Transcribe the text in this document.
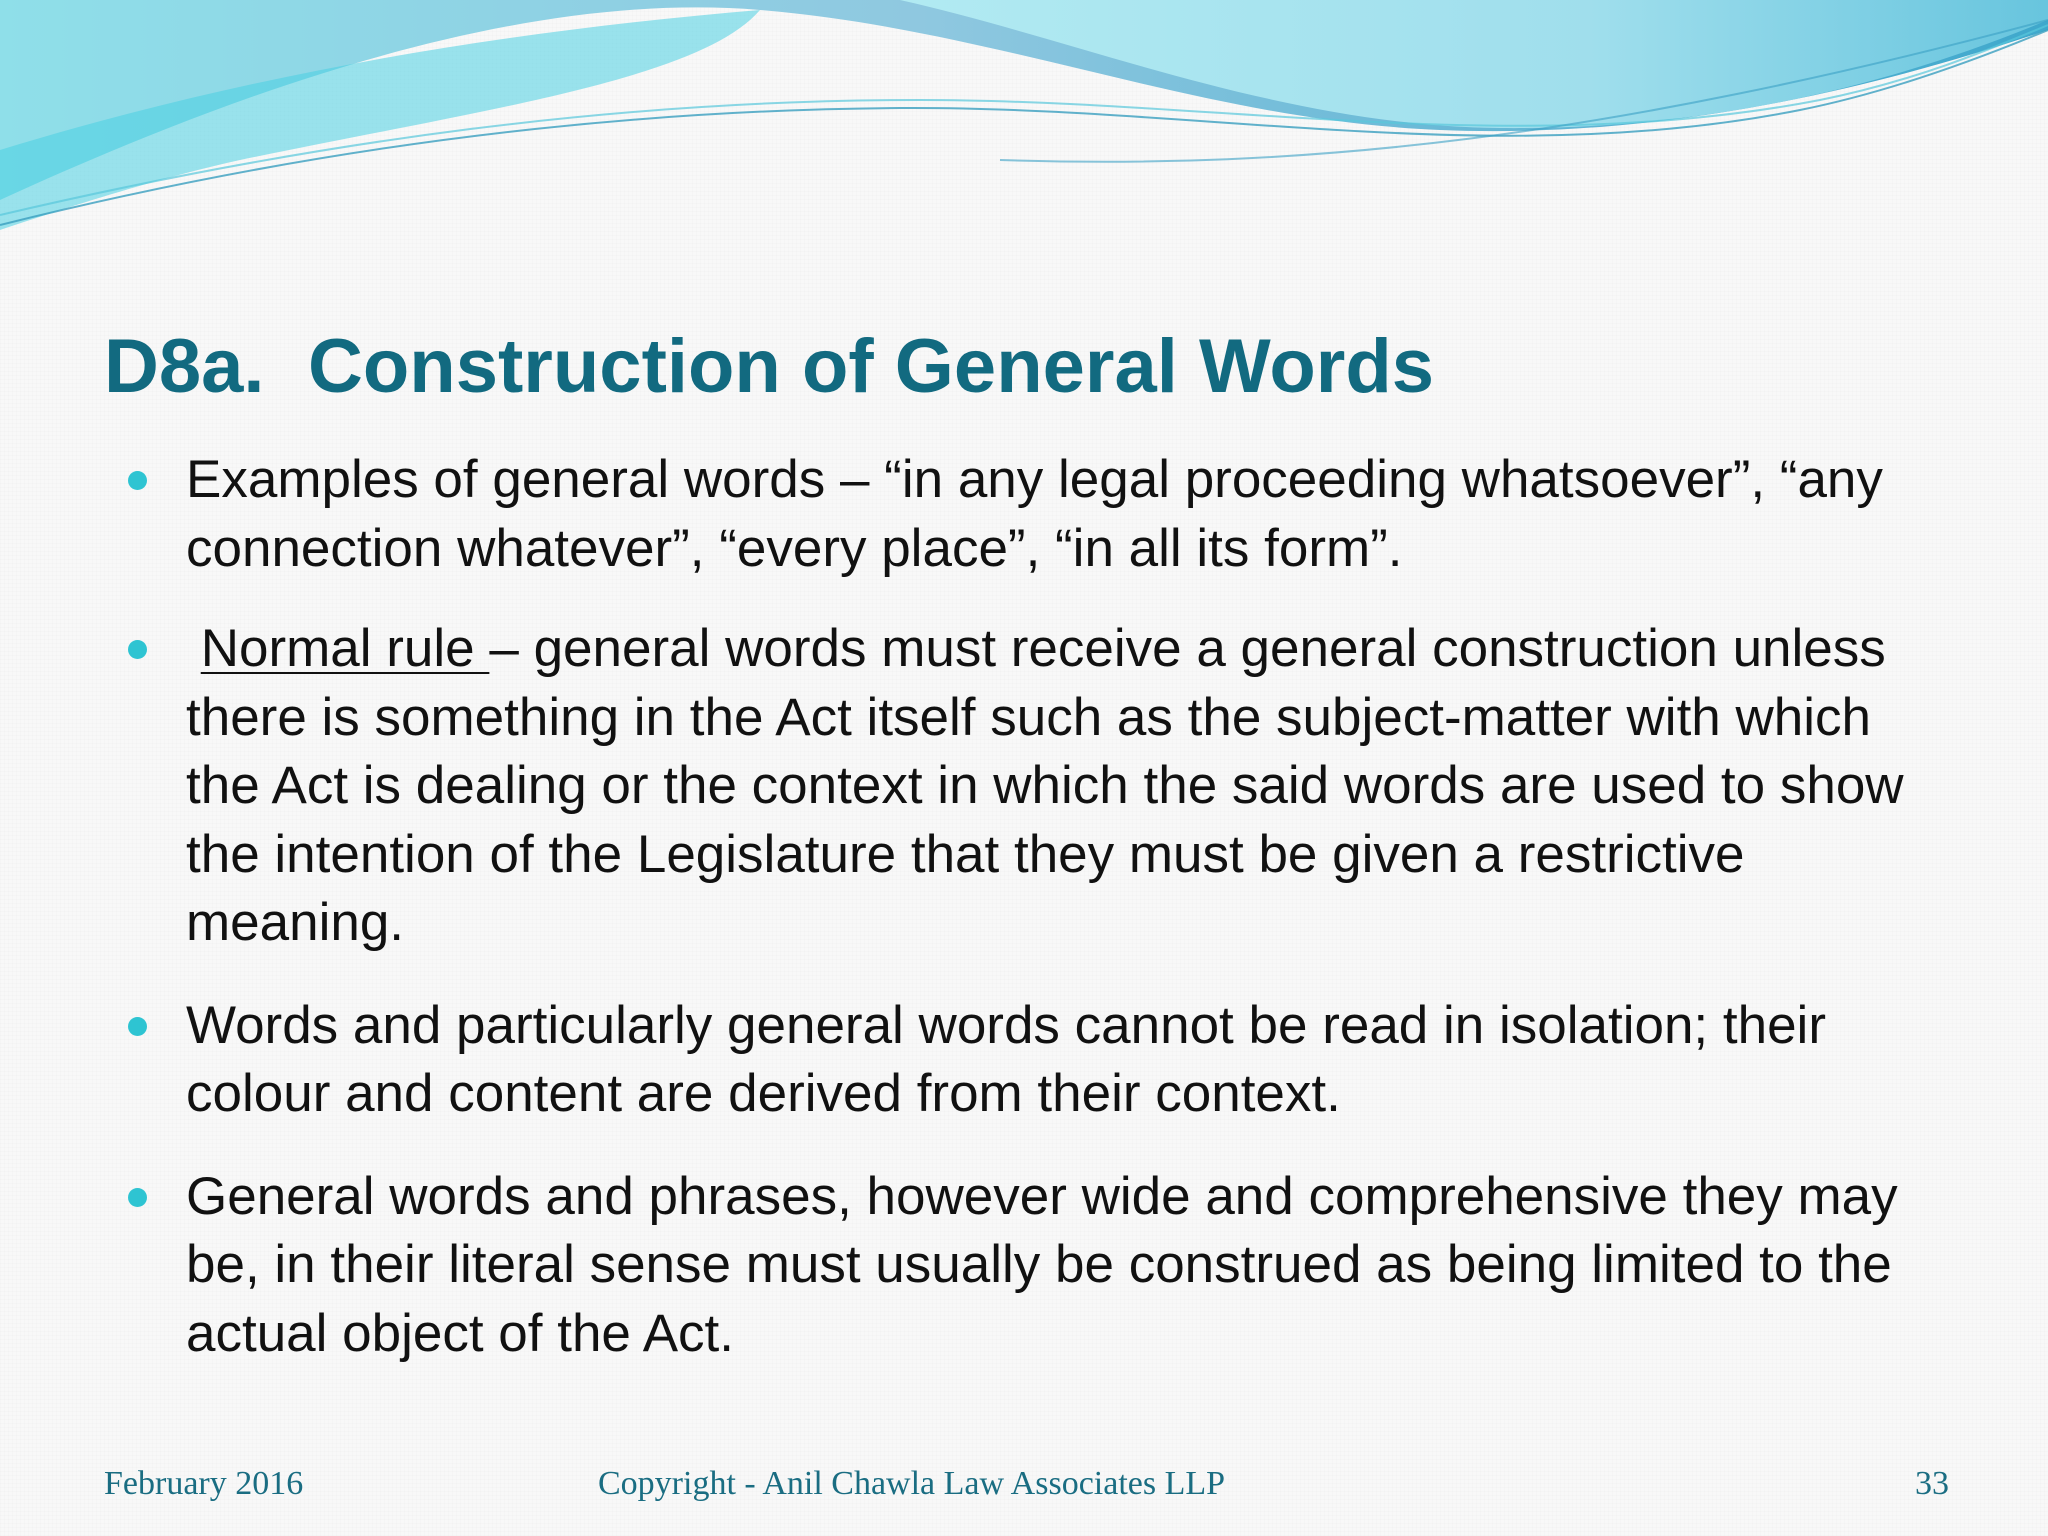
D8a. Construction of General Words
Examples of general words – “in any legal proceeding whatsoever”, “any connection whatever”, “every place”, “in all its form”.
Normal rule – general words must receive a general construction unless there is something in the Act itself such as the subject-matter with which the Act is dealing or the context in which the said words are used to show the intention of the Legislature that they must be given a restrictive meaning.
Words and particularly general words cannot be read in isolation; their colour and content are derived from their context.
General words and phrases, however wide and comprehensive they may be, in their literal sense must usually be construed as being limited to the actual object of the Act.
February 2016	Copyright - Anil Chawla Law Associates LLP	33
